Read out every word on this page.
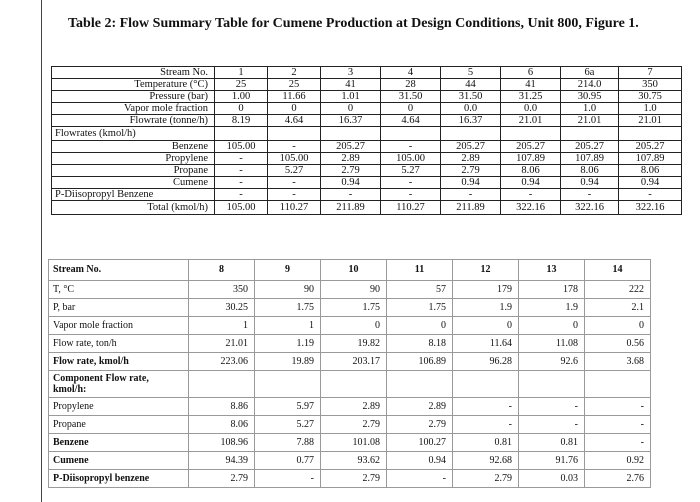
Table 2: Flow Summary Table for Cumene Production at Design Conditions, Unit 800, Figure 1.
Stream No.	1	2	3	4	5	6	6a	7
Temperature (°C)	25	25	41	28	44	41	214.0	350
Pressure (bar)	1.00	11.66	1.01	31.50	31.50	31.25	30.95	30.75
Vapor mole fraction	0	0	0	0	0.0	0.0	1.0	1.0
Flowrate (tonne/h)	8.19	4.64	16.37	4.64	16.37	21.01	21.01	21.01
Flowrates (kmol/h)								
Benzene	105.00	-	205.27	-	205.27	205.27	205.27	205.27
Propylene	-	105.00	2.89	105.00	2.89	107.89	107.89	107.89
Propane	-	5.27	2.79	5.27	2.79	8.06	8.06	8.06
Cumene	-	-	0.94	-	0.94	0.94	0.94	0.94
P-Diisopropyl Benzene	-	-	-	-	-	-	-	-
Total (kmol/h)	105.00	110.27	211.89	110.27	211.89	322.16	322.16	322.16
Stream No.	8	9	10	11	12	13	14
T, °C	350	90	90	57	179	178	222
P, bar	30.25	1.75	1.75	1.75	1.9	1.9	2.1
Vapor mole fraction	1	1	0	0	0	0	0
Flow rate, ton/h	21.01	1.19	19.82	8.18	11.64	11.08	0.56
Flow rate, kmol/h	223.06	19.89	203.17	106.89	96.28	92.6	3.68
Component Flow rate, kmol/h:							
Propylene	8.86	5.97	2.89	2.89	-	-	-
Propane	8.06	5.27	2.79	2.79	-	-	-
Benzene	108.96	7.88	101.08	100.27	0.81	0.81	-
Cumene	94.39	0.77	93.62	0.94	92.68	91.76	0.92
P-Diisopropyl benzene	2.79	-	2.79	-	2.79	0.03	2.76
